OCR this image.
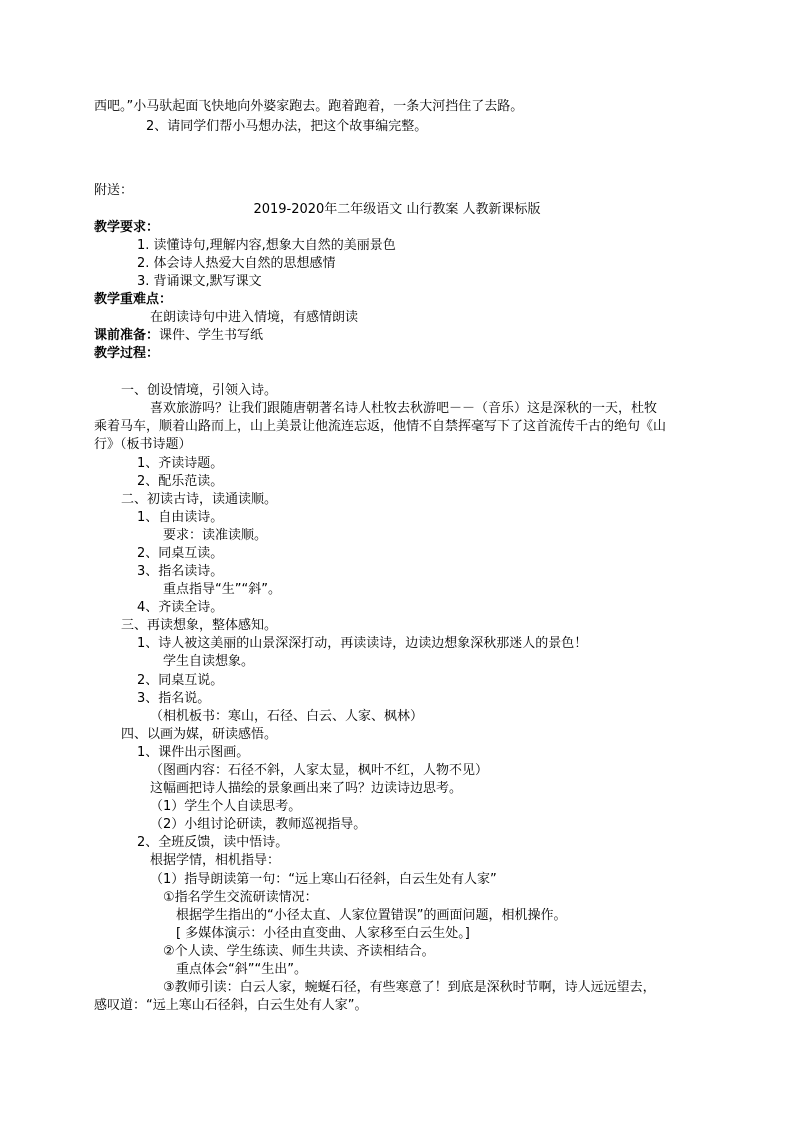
西吧。”小马驮起面飞快地向外婆家跑去。跑着跑着，一条大河挡住了去路。
2、请同学们帮小马想办法，把这个故事编完整。
附送：
2019-2020年二年级语文 山行教案 人教新课标版
教学要求：
1. 读懂诗句,理解内容,想象大自然的美丽景色
2. 体会诗人热爱大自然的思想感情
3. 背诵课文,默写课文
教学重难点：
在朗读诗句中进入情境，有感情朗读
课前准备：课件、学生书写纸
教学过程：
一、创设情境，引领入诗。
喜欢旅游吗？让我们跟随唐朝著名诗人杜牧去秋游吧－－（音乐）这是深秋的一天，杜牧
乘着马车，顺着山路而上，山上美景让他流连忘返，他情不自禁挥毫写下了这首流传千古的绝句《山
行》（板书诗题）
1、齐读诗题。
2、配乐范读。
二、初读古诗，读通读顺。
1、自由读诗。
要求：读准读顺。
2、同桌互读。
3、指名读诗。
重点指导“生”“斜”。
4、齐读全诗。
三、再读想象，整体感知。
1、诗人被这美丽的山景深深打动，再读读诗，边读边想象深秋那迷人的景色！
学生自读想象。
2、同桌互说。
3、指名说。
（相机板书：寒山，石径、白云、人家、枫林）
四、以画为媒，研读感悟。
1、课件出示图画。
（图画内容：石径不斜，人家太显，枫叶不红，人物不见）
这幅画把诗人描绘的景象画出来了吗？边读诗边思考。
（1）学生个人自读思考。
（2）小组讨论研读，教师巡视指导。
2、全班反馈，读中悟诗。
根据学情，相机指导：
（1）指导朗读第一句：“远上寒山石径斜，白云生处有人家”
①指名学生交流研读情况：
根据学生指出的“小径太直、人家位置错误”的画面问题，相机操作。
[ 多媒体演示：小径由直变曲、人家移至白云生处。]
②个人读、学生练读、师生共读、齐读相结合。
重点体会“斜”“生出”。
③教师引读：白云人家，蜿蜒石径，有些寒意了！到底是深秋时节啊，诗人远远望去，
感叹道：“远上寒山石径斜，白云生处有人家”。
